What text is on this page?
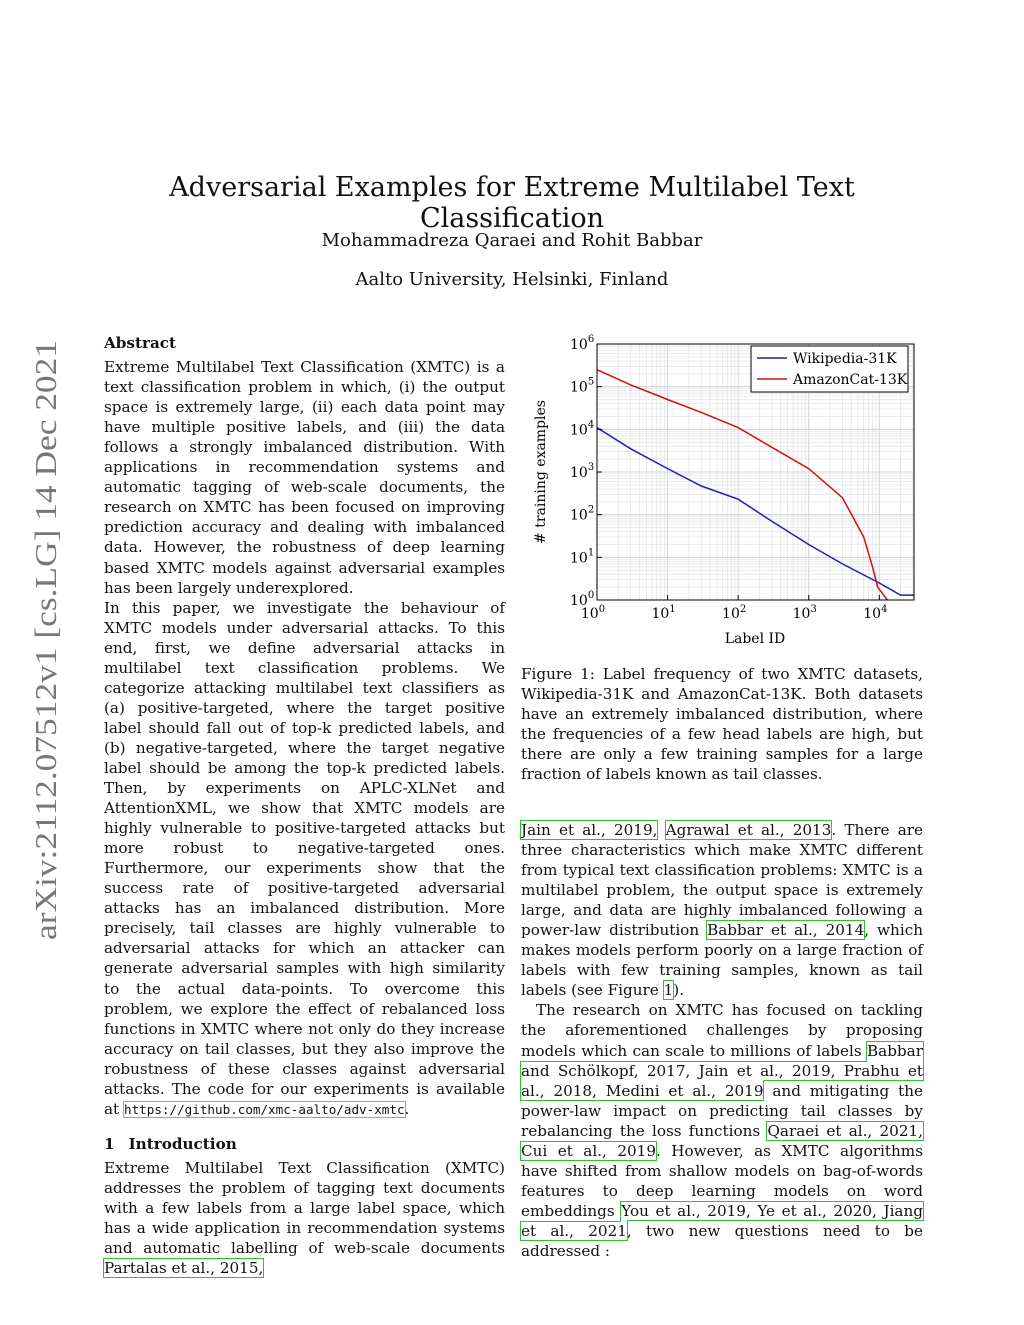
arXiv:2112.07512v1 [cs.LG] 14 Dec 2021
Adversarial Examples for Extreme Multilabel Text Classification
Mohammadreza Qaraei and Rohit Babbar
Aalto University, Helsinki, Finland
Abstract

Extreme Multilabel Text Classification (XMTC) is a text classification problem in which, (i) the output space is extremely large, (ii) each data point may have multiple positive labels, and (iii) the data follows a strongly imbalanced distribution. With applications in recommendation systems and automatic tagging of web-scale documents, the research on XMTC has been focused on improving prediction accuracy and dealing with imbalanced data. However, the robustness of deep learning based XMTC models against adversarial examples has been largely underexplored.

In this paper, we investigate the behaviour of XMTC models under adversarial attacks. To this end, first, we define adversarial attacks in multilabel text classification problems. We categorize attacking multilabel text classifiers as (a) positive-targeted, where the target positive label should fall out of top-k predicted labels, and (b) negative-targeted, where the target negative label should be among the top-k predicted labels. Then, by experiments on APLC-XLNet and AttentionXML, we show that XMTC models are highly vulnerable to positive-targeted attacks but more robust to negative-targeted ones. Furthermore, our experiments show that the success rate of positive-targeted adversarial attacks has an imbalanced distribution. More precisely, tail classes are highly vulnerable to adversarial attacks for which an attacker can generate adversarial samples with high similarity to the actual data-points. To overcome this problem, we explore the effect of rebalanced loss functions in XMTC where not only do they increase accuracy on tail classes, but they also improve the robustness of these classes against adversarial attacks. The code for our experiments is available at https://github.com/xmc-aalto/adv-xmtc.

1 Introduction

Extreme Multilabel Text Classification (XMTC) addresses the problem of tagging text documents with a few labels from a large label space, which has a wide application in recommendation systems and automatic labelling of web-scale documents Partalas et al., 2015,

$10^0$	$10^1$	$10^2$	$10^3$	$10^4$
$10^0$
$10^1$
$10^2$
$10^3$
$10^4$
$10^5$
$10^6$
Label ID
# training examples
Wikipedia-31K
AmazonCat-13K
Figure 1: Label frequency of two XMTC datasets, Wikipedia-31K and AmazonCat-13K. Both datasets have an extremely imbalanced distribution, where the frequencies of a few head labels are high, but there are only a few training samples for a large fraction of labels known as tail classes.

Jain et al., 2019, Agrawal et al., 2013. There are three characteristics which make XMTC different from typical text classification problems: XMTC is a multilabel problem, the output space is extremely large, and data are highly imbalanced following a power-law distribution Babbar et al., 2014, which makes models perform poorly on a large fraction of labels with few training samples, known as tail labels (see Figure 1).

The research on XMTC has focused on tackling the aforementioned challenges by proposing models which can scale to millions of labels Babbar and Schölkopf, 2017, Jain et al., 2019, Prabhu et al., 2018, Medini et al., 2019 and mitigating the power-law impact on predicting tail classes by rebalancing the loss functions Qaraei et al., 2021, Cui et al., 2019. However, as XMTC algorithms have shifted from shallow models on bag-of-words features to deep learning models on word embeddings You et al., 2019, Ye et al., 2020, Jiang et al., 2021, two new questions need to be addressed :
